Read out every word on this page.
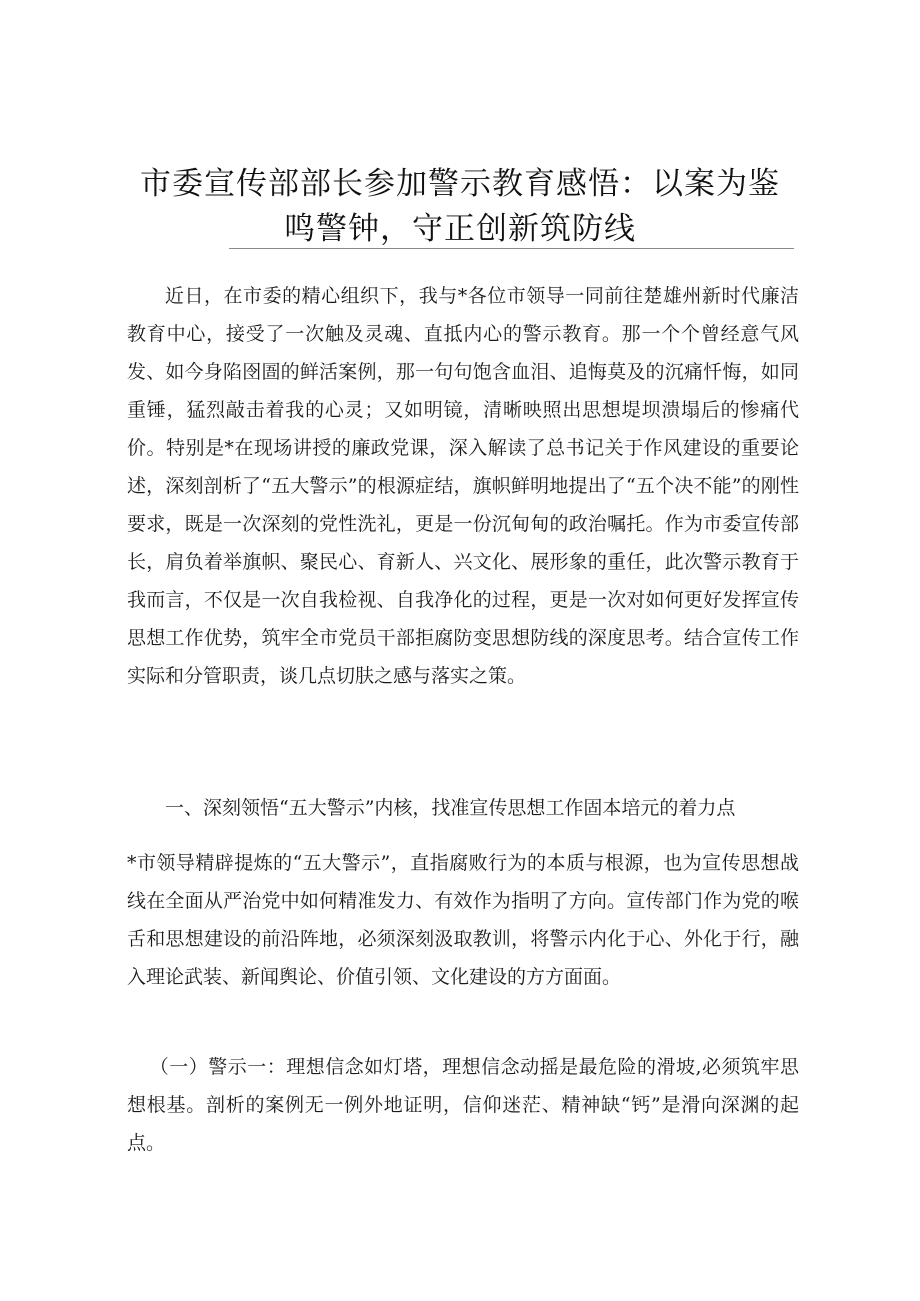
市委宣传部部长参加警示教育感悟：以案为鉴
鸣警钟，守正创新筑防线

近日，在市委的精心组织下，我与*各位市领导一同前往楚雄州新时代廉洁教育中心，接受了一次触及灵魂、直抵内心的警示教育。那一个个曾经意气风发、如今身陷囹圄的鲜活案例，那一句句饱含血泪、追悔莫及的沉痛忏悔，如同重锤，猛烈敲击着我的心灵；又如明镜，清晰映照出思想堤坝溃塌后的惨痛代价。特别是*在现场讲授的廉政党课，深入解读了总书记关于作风建设的重要论述，深刻剖析了“五大警示”的根源症结，旗帜鲜明地提出了“五个决不能”的刚性要求，既是一次深刻的党性洗礼，更是一份沉甸甸的政治嘱托。作为市委宣传部长，肩负着举旗帜、聚民心、育新人、兴文化、展形象的重任，此次警示教育于我而言，不仅是一次自我检视、自我净化的过程，更是一次对如何更好发挥宣传思想工作优势，筑牢全市党员干部拒腐防变思想防线的深度思考。结合宣传工作实际和分管职责，谈几点切肤之感与落实之策。

一、深刻领悟“五大警示”内核，找准宣传思想工作固本培元的着力点

*市领导精辟提炼的“五大警示”，直指腐败行为的本质与根源，也为宣传思想战线在全面从严治党中如何精准发力、有效作为指明了方向。宣传部门作为党的喉舌和思想建设的前沿阵地，必须深刻汲取教训，将警示内化于心、外化于行，融入理论武装、新闻舆论、价值引领、文化建设的方方面面。

（一）警示一：理想信念如灯塔，理想信念动摇是最危险的滑坡,必须筑牢思想根基。剖析的案例无一例外地证明，信仰迷茫、精神缺“钙”是滑向深渊的起点。
